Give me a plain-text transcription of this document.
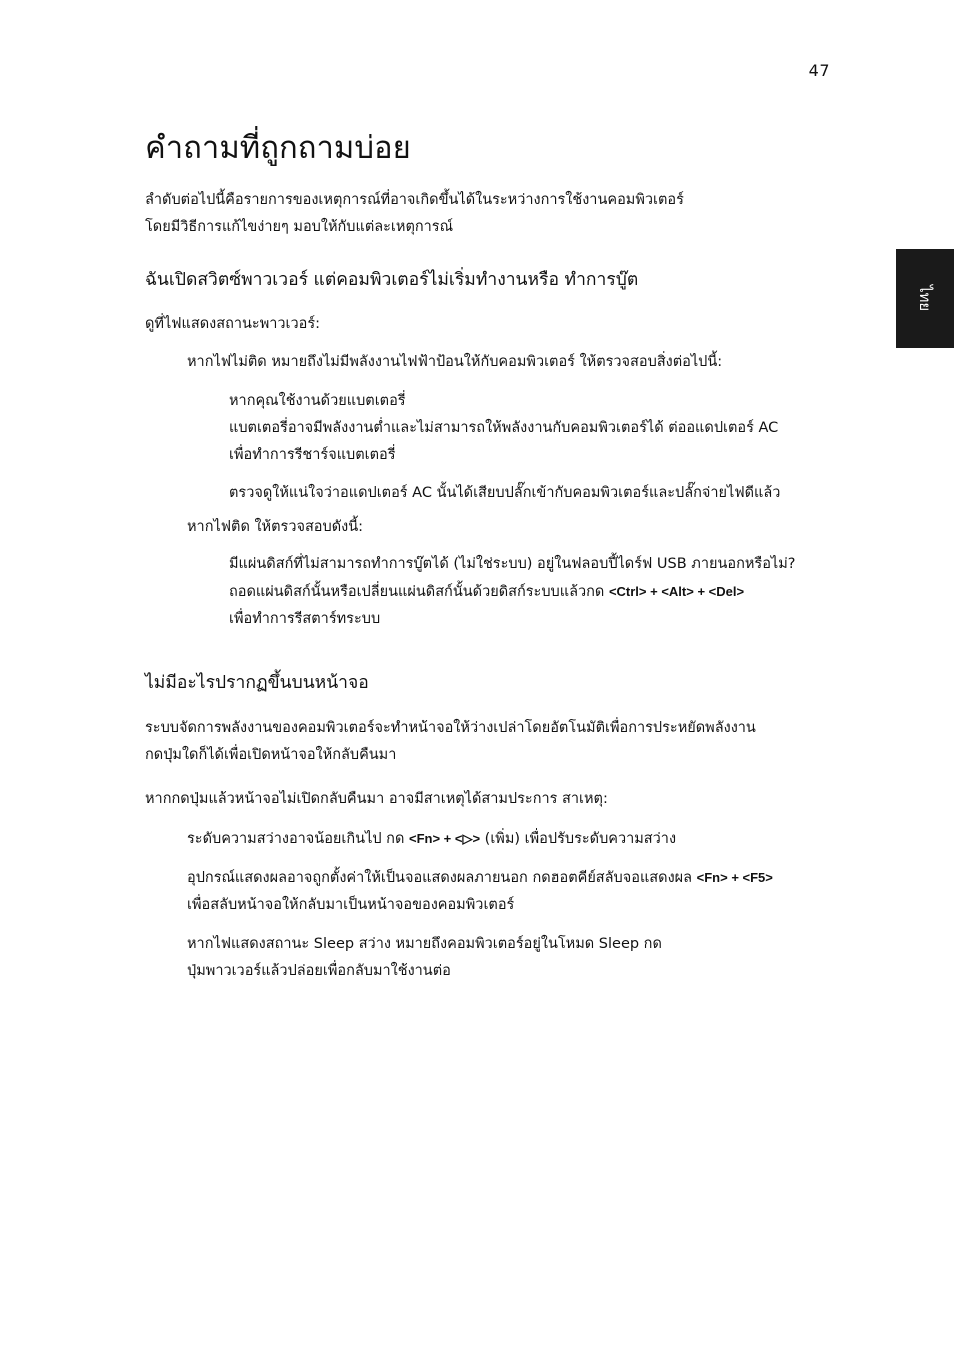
47
ไทย
คำถามที่ถูกถามบ่อย

ลำดับต่อไปนี้คือรายการของเหตุการณ์ที่อาจเกิดขึ้นได้ในระหว่างการใช้งานคอมพิวเตอร์
โดยมีวิธีการแก้ไขง่ายๆ มอบให้กับแต่ละเหตุการณ์

ฉันเปิดสวิตซ์พาวเวอร์ แต่คอมพิวเตอร์ไม่เริ่มทำงานหรือ ทำการบู๊ต

ดูที่ไฟแสดงสถานะพาวเวอร์:

หากไฟไม่ติด หมายถึงไม่มีพลังงานไฟฟ้าป้อนให้กับคอมพิวเตอร์ ให้ตรวจสอบสิ่งต่อไปนี้:

หากคุณใช้งานด้วยแบตเตอรี่
แบตเตอรี่อาจมีพลังงานต่ำและไม่สามารถให้พลังงานกับคอมพิวเตอร์ได้ ต่ออแดปเตอร์ AC
เพื่อทำการรีชาร์จแบตเตอรี่

ตรวจดูให้แน่ใจว่าอแดปเตอร์ AC นั้นได้เสียบปลั๊กเข้ากับคอมพิวเตอร์และปลั๊กจ่ายไฟดีแล้ว

หากไฟติด ให้ตรวจสอบดังนี้:

มีแผ่นดิสก์ที่ไม่สามารถทำการบู๊ตได้ (ไม่ใช่ระบบ) อยู่ในฟลอบปี้ไดร์ฟ USB ภายนอกหรือไม่?
ถอดแผ่นดิสก์นั้นหรือเปลี่ยนแผ่นดิสก์นั้นด้วยดิสก์ระบบแล้วกด <Ctrl> + <Alt> + <Del>
เพื่อทำการรีสตาร์ทระบบ

ไม่มีอะไรปรากฏขึ้นบนหน้าจอ

ระบบจัดการพลังงานของคอมพิวเตอร์จะทำหน้าจอให้ว่างเปล่าโดยอัตโนมัติเพื่อการประหยัดพลังงาน
กดปุ่มใดก็ได้เพื่อเปิดหน้าจอให้กลับคืนมา

หากกดปุ่มแล้วหน้าจอไม่เปิดกลับคืนมา อาจมีสาเหตุได้สามประการ สาเหตุ:

ระดับความสว่างอาจน้อยเกินไป กด <Fn> + <▷> (เพิ่ม) เพื่อปรับระดับความสว่าง

อุปกรณ์แสดงผลอาจถูกตั้งค่าให้เป็นจอแสดงผลภายนอก กดฮอตคีย์สลับจอแสดงผล <Fn> + <F5>
เพื่อสลับหน้าจอให้กลับมาเป็นหน้าจอของคอมพิวเตอร์

หากไฟแสดงสถานะ Sleep สว่าง หมายถึงคอมพิวเตอร์อยู่ในโหมด Sleep กด
ปุ่มพาวเวอร์แล้วปล่อยเพื่อกลับมาใช้งานต่อ
